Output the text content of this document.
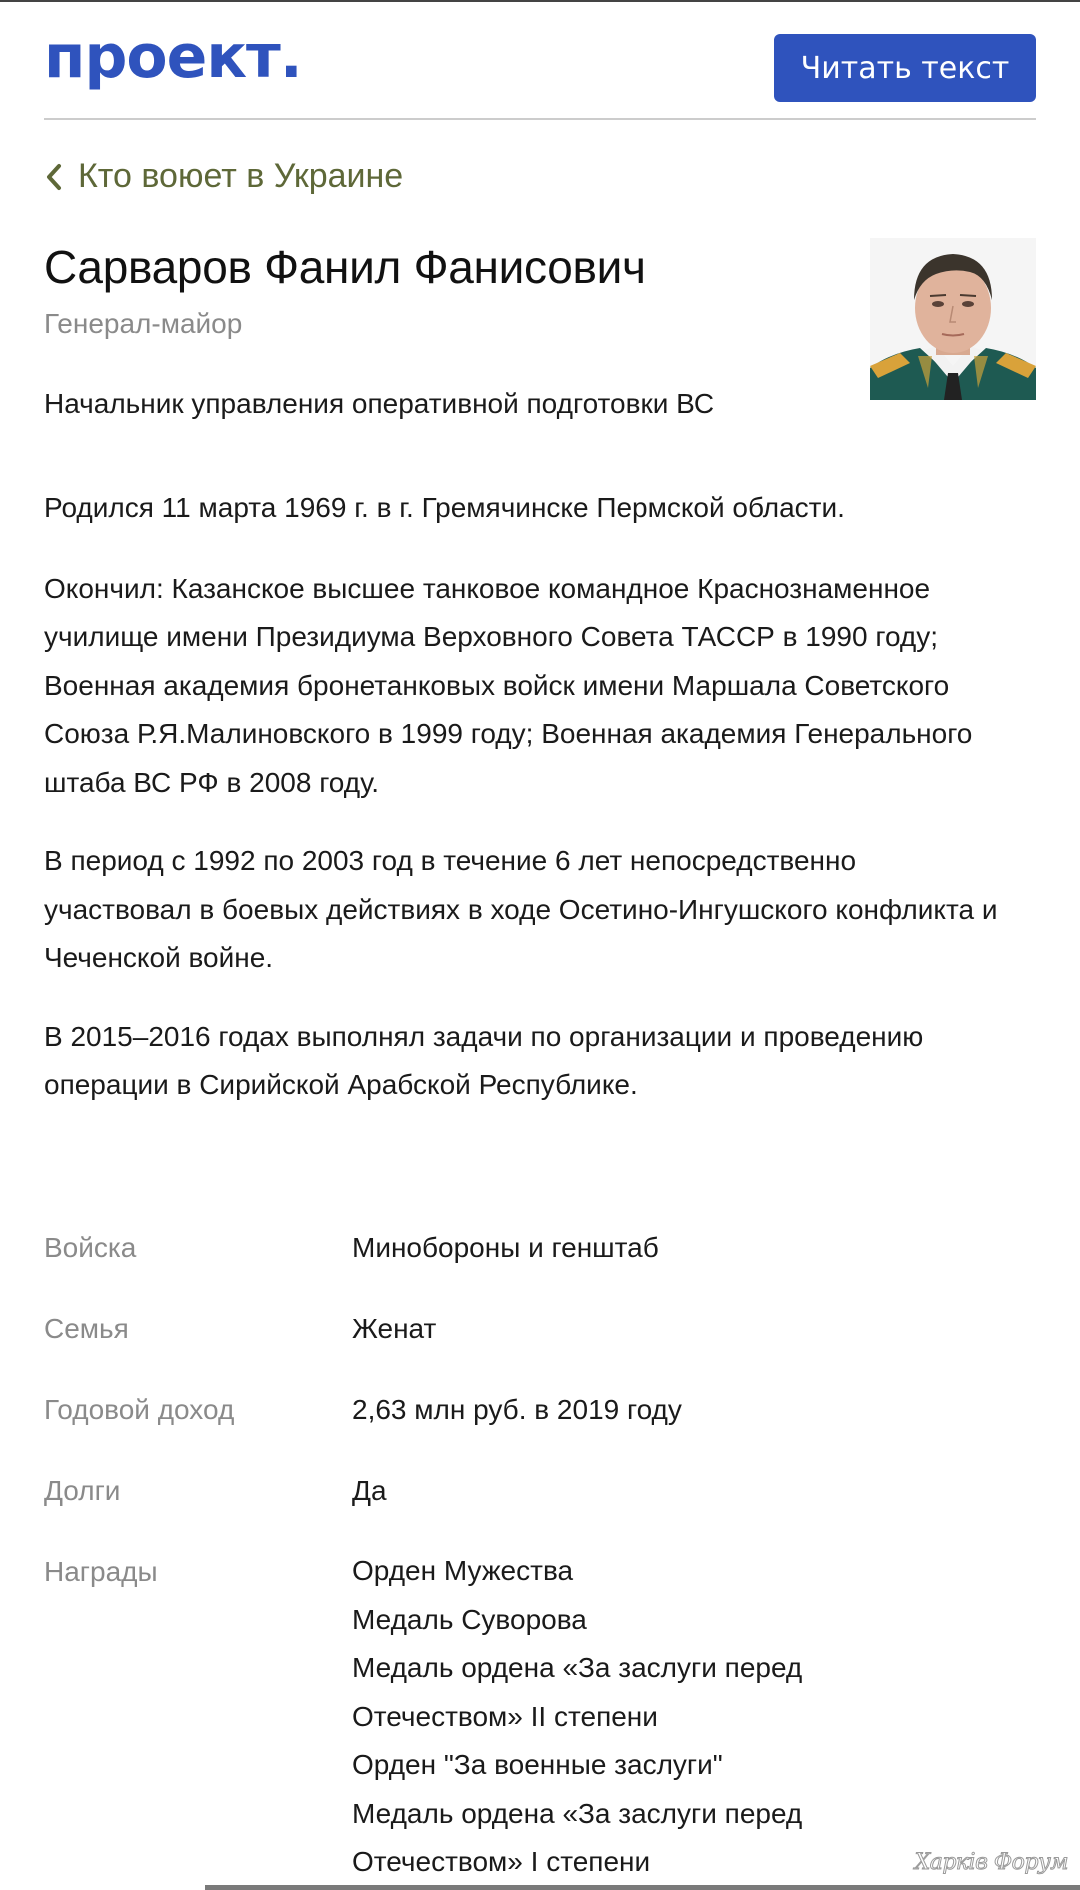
проект.	Читать текст
Кто воюет в Украине
Сарваров Фанил Фанисович
Генерал-майор
Начальник управления оперативной подготовки ВС

Родился 11 марта 1969 г. в г. Гремячинске Пермской области.

Окончил: Казанское высшее танковое командное Краснознаменное училище имени Президиума Верховного Совета ТАССР в 1990 году; Военная академия бронетанковых войск имени Маршала Советского Союза Р.Я.Малиновского в 1999 году; Военная академия Генерального штаба ВС РФ в 2008 году.

В период с 1992 по 2003 год в течение 6 лет непосредственно участвовал в боевых действиях в ходе Осетино-Ингушского конфликта и Чеченской войне.

В 2015–2016 годах выполнял задачи по организации и проведению операции в Сирийской Арабской Республике.

Войска	Минобороны и генштаб
Семья	Женат
Годовой доход	2,63 млн руб. в 2019 году
Долги	Да
Награды	Орден Мужества
Медаль Суворова
Медаль ордена «За заслуги перед Отечеством» II степени
Орден "За военные заслуги"
Медаль ордена «За заслуги перед Отечеством» I степени	Харків Форум
